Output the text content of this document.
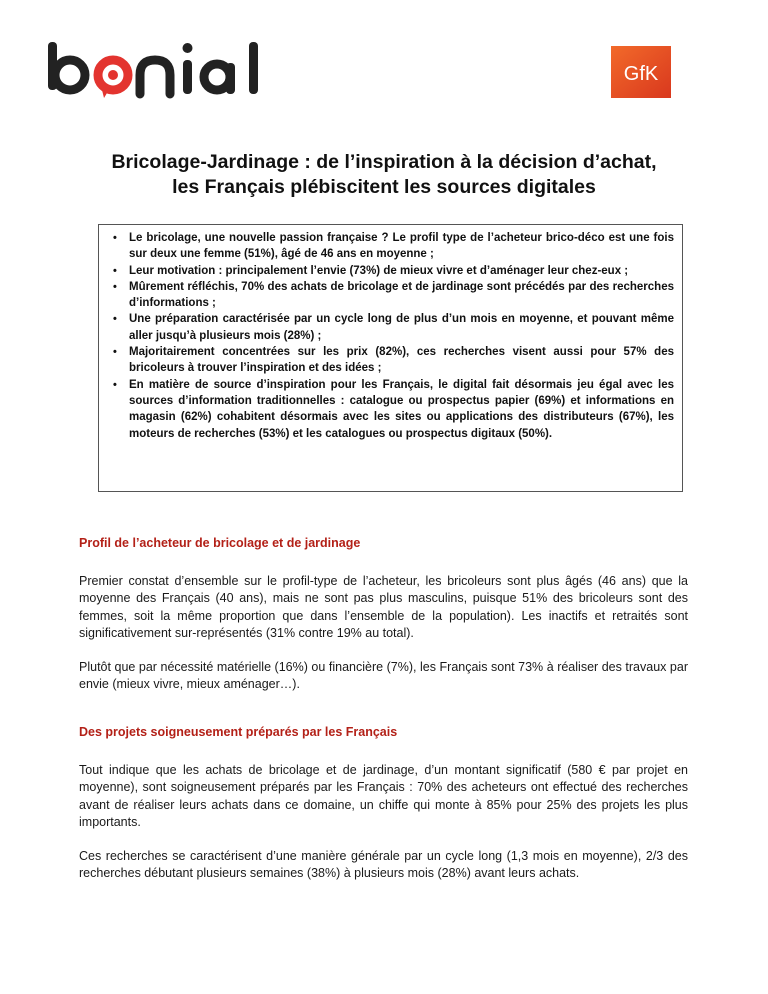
GfK
Bricolage-Jardinage : de l’inspiration à la décision d’achat,
les Français plébiscitent les sources digitales
• Le bricolage, une nouvelle passion française ? Le profil type de l’acheteur brico-déco est une fois sur deux une femme (51%), âgé de 46 ans en moyenne ;
• Leur motivation : principalement l’envie (73%) de mieux vivre et d’aménager leur chez-eux ;
• Mûrement réfléchis, 70% des achats de bricolage et de jardinage sont précédés par des recherches d’informations ;
• Une préparation caractérisée par un cycle long de plus d’un mois en moyenne, et pouvant même aller jusqu’à plusieurs mois (28%) ;
• Majoritairement concentrées sur les prix (82%), ces recherches visent aussi pour 57% des bricoleurs à trouver l’inspiration et des idées ;
• En matière de source d’inspiration pour les Français, le digital fait désormais jeu égal avec les sources d’information traditionnelles : catalogue ou prospectus papier (69%) et informations en magasin (62%) cohabitent désormais avec les sites ou applications des distributeurs (67%), les moteurs de recherches (53%) et les catalogues ou prospectus digitaux (50%).
Profil de l’acheteur de bricolage et de jardinage
Premier constat d’ensemble sur le profil-type de l’acheteur, les bricoleurs sont plus âgés (46 ans) que la moyenne des Français (40 ans), mais ne sont pas plus masculins, puisque 51% des bricoleurs sont des femmes, soit la même proportion que dans l’ensemble de la population). Les inactifs et retraités sont significativement sur-représentés (31% contre 19% au total).
Plutôt que par nécessité matérielle (16%) ou financière (7%), les Français sont 73% à réaliser des travaux par envie (mieux vivre, mieux aménager…).
Des projets soigneusement préparés par les Français
Tout indique que les achats de bricolage et de jardinage, d’un montant significatif (580 € par projet en moyenne), sont soigneusement préparés par les Français : 70% des acheteurs ont effectué des recherches avant de réaliser leurs achats dans ce domaine, un chiffe qui monte à 85% pour 25% des projets les plus importants.
Ces recherches se caractérisent d’une manière générale par un cycle long (1,3 mois en moyenne), 2/3 des recherches débutant plusieurs semaines (38%) à plusieurs mois (28%) avant leurs achats.
